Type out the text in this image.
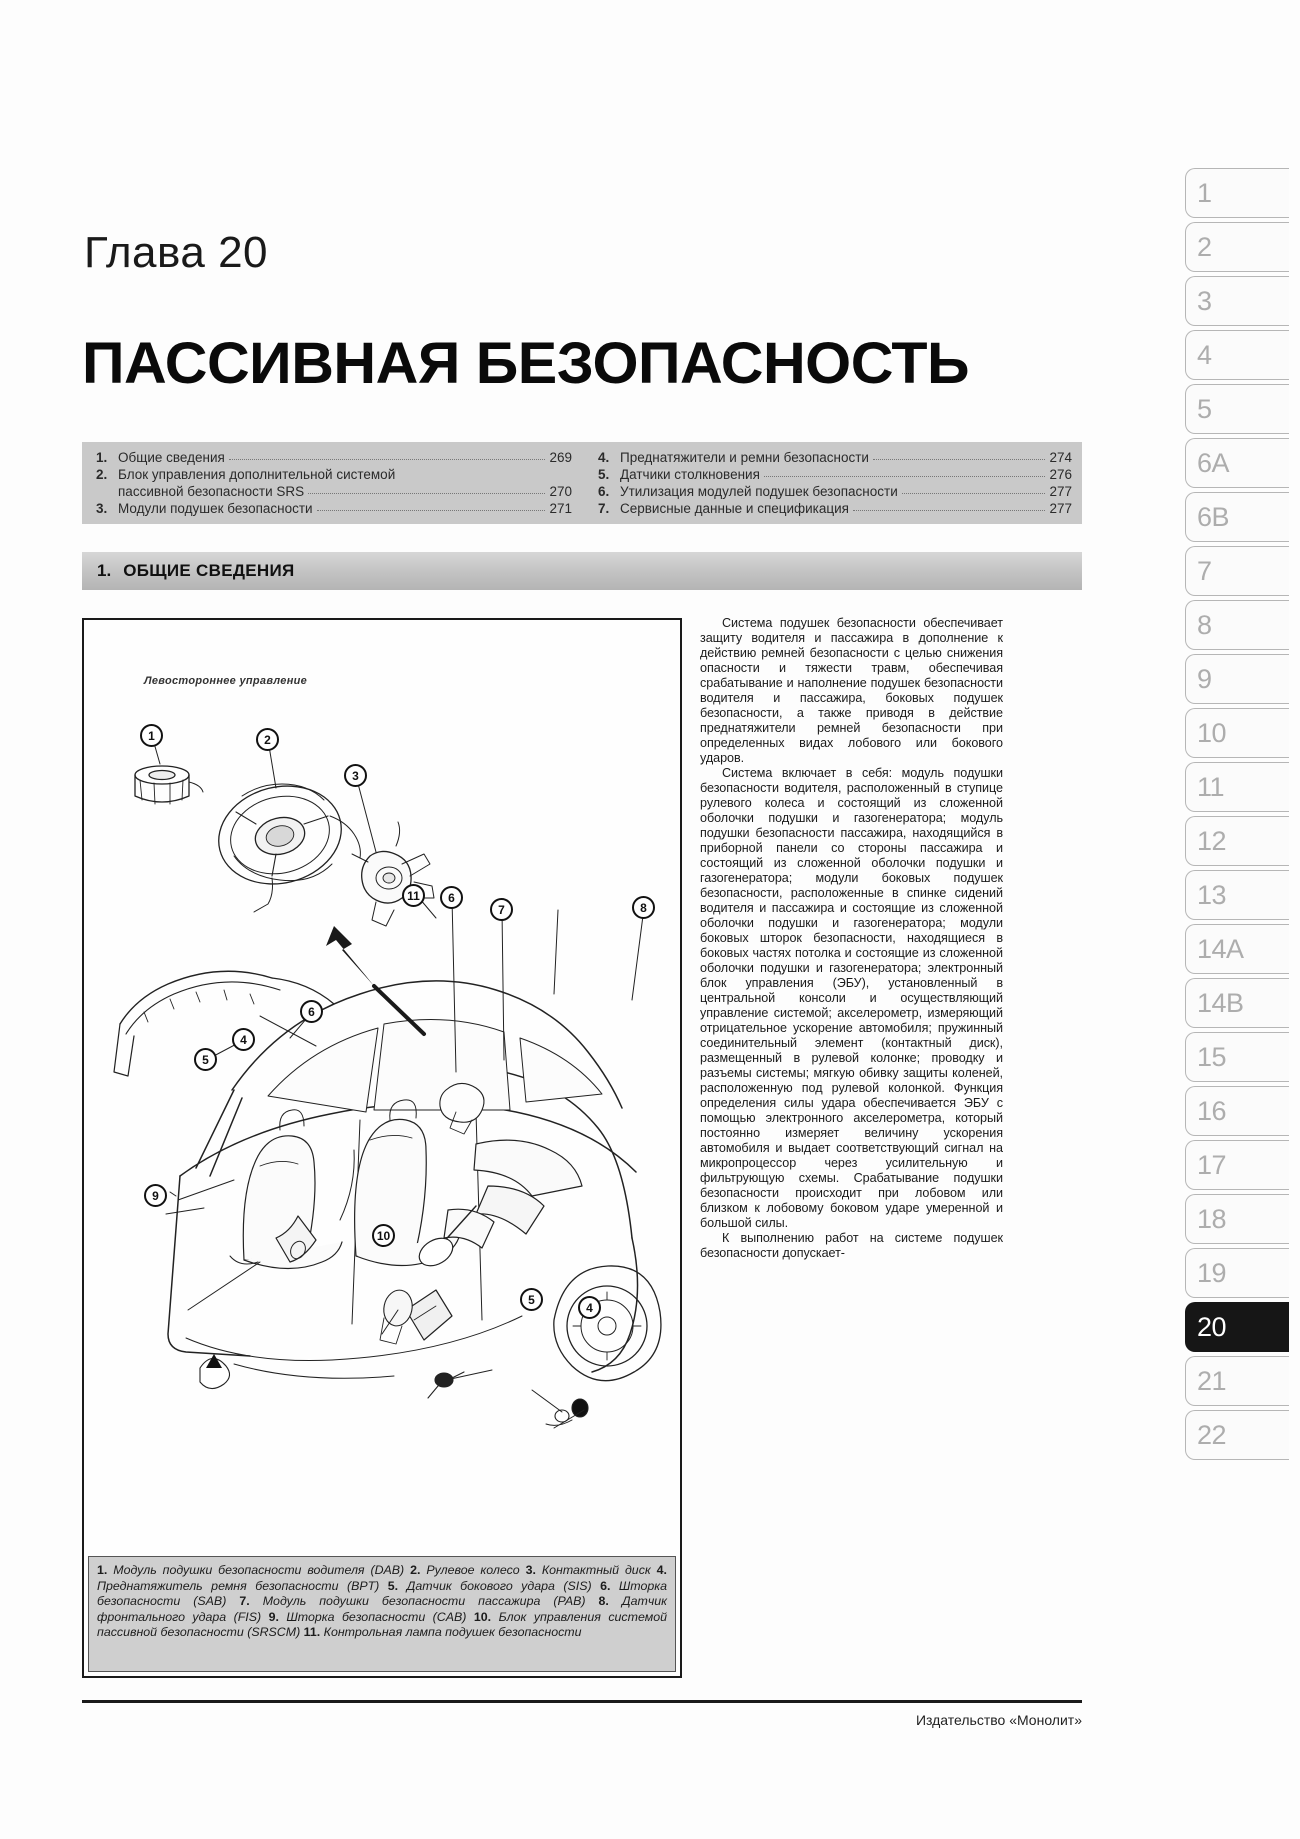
Глава 20
ПАССИВНАЯ БЕЗОПАСНОСТЬ
1. Общие сведения	269
2. Блок управления дополнительной системой
пассивной безопасности SRS	270
3. Модули подушек безопасности	271
4. Преднатяжители и ремни безопасности	274
5. Датчики столкновения	276
6. Утилизация модулей подушек безопасности	277
7. Сервисные данные и спецификация	277
1. ОБЩИЕ СВЕДЕНИЯ
Левостороннее управление
1	2
3
11	6
7	8
6
4
5
9
10
5
4
1. Модуль подушки безопасности водителя (DAB) 2. Рулевое колесо 3. Контактный диск 4. Преднатяжитель ремня безопасности (BPT) 5. Датчик бокового удара (SIS) 6. Шторка безопасности (SAB) 7. Модуль подушки безопасности пассажира (PAB) 8. Датчик фронтального удара (FIS) 9. Шторка безопасности (CAB) 10. Блок управления системой пассивной безопасности (SRSCM) 11. Контрольная лампа подушек безопасности

Система подушек безопасности обеспечивает защиту водителя и пассажира в дополнение к действию ремней безопасности с целью снижения опасности и тяжести травм, обеспечивая срабатывание и наполнение подушек безопасности водителя и пассажира, боковых подушек безопасности, а также приводя в действие преднатяжители ремней безопасности при определенных видах лобового или бокового ударов.

Система включает в себя: модуль подушки безопасности водителя, расположенный в ступице рулевого колеса и состоящий из сложенной оболочки подушки и газогенератора; модуль подушки безопасности пассажира, находящийся в приборной панели со стороны пассажира и состоящий из сложенной оболочки подушки и газогенератора; модули боковых подушек безопасности, расположенные в спинке сидений водителя и пассажира и состоящие из сложенной оболочки подушки и газогенератора; модули боковых шторок безопасности, находящиеся в боковых частях потолка и состоящие из сложенной оболочки подушки и газогенератора; электронный блок управления (ЭБУ), установленный в центральной консоли и осуществляющий управление системой; акселерометр, измеряющий отрицательное ускорение автомобиля; пружинный соединительный элемент (контактный диск), размещенный в рулевой колонке; проводку и разъемы системы; мягкую обивку защиты коленей, расположенную под рулевой колонкой. Функция определения силы удара обеспечивается ЭБУ с помощью электронного акселерометра, который постоянно измеряет величину ускорения автомобиля и выдает соответствующий сигнал на микропроцессор через усилительную и фильтрующую схемы. Срабатывание подушки безопасности происходит при лобовом или близком к лобовому боковом ударе умеренной и большой силы.

К выполнению работ на системе подушек безопасности допускает-

Издательство «Монолит»
1
2
3
4
5
6A
6B
7
8
9
10
11
12
13
14A
14B
15
16
17
18
19
20
21
22
